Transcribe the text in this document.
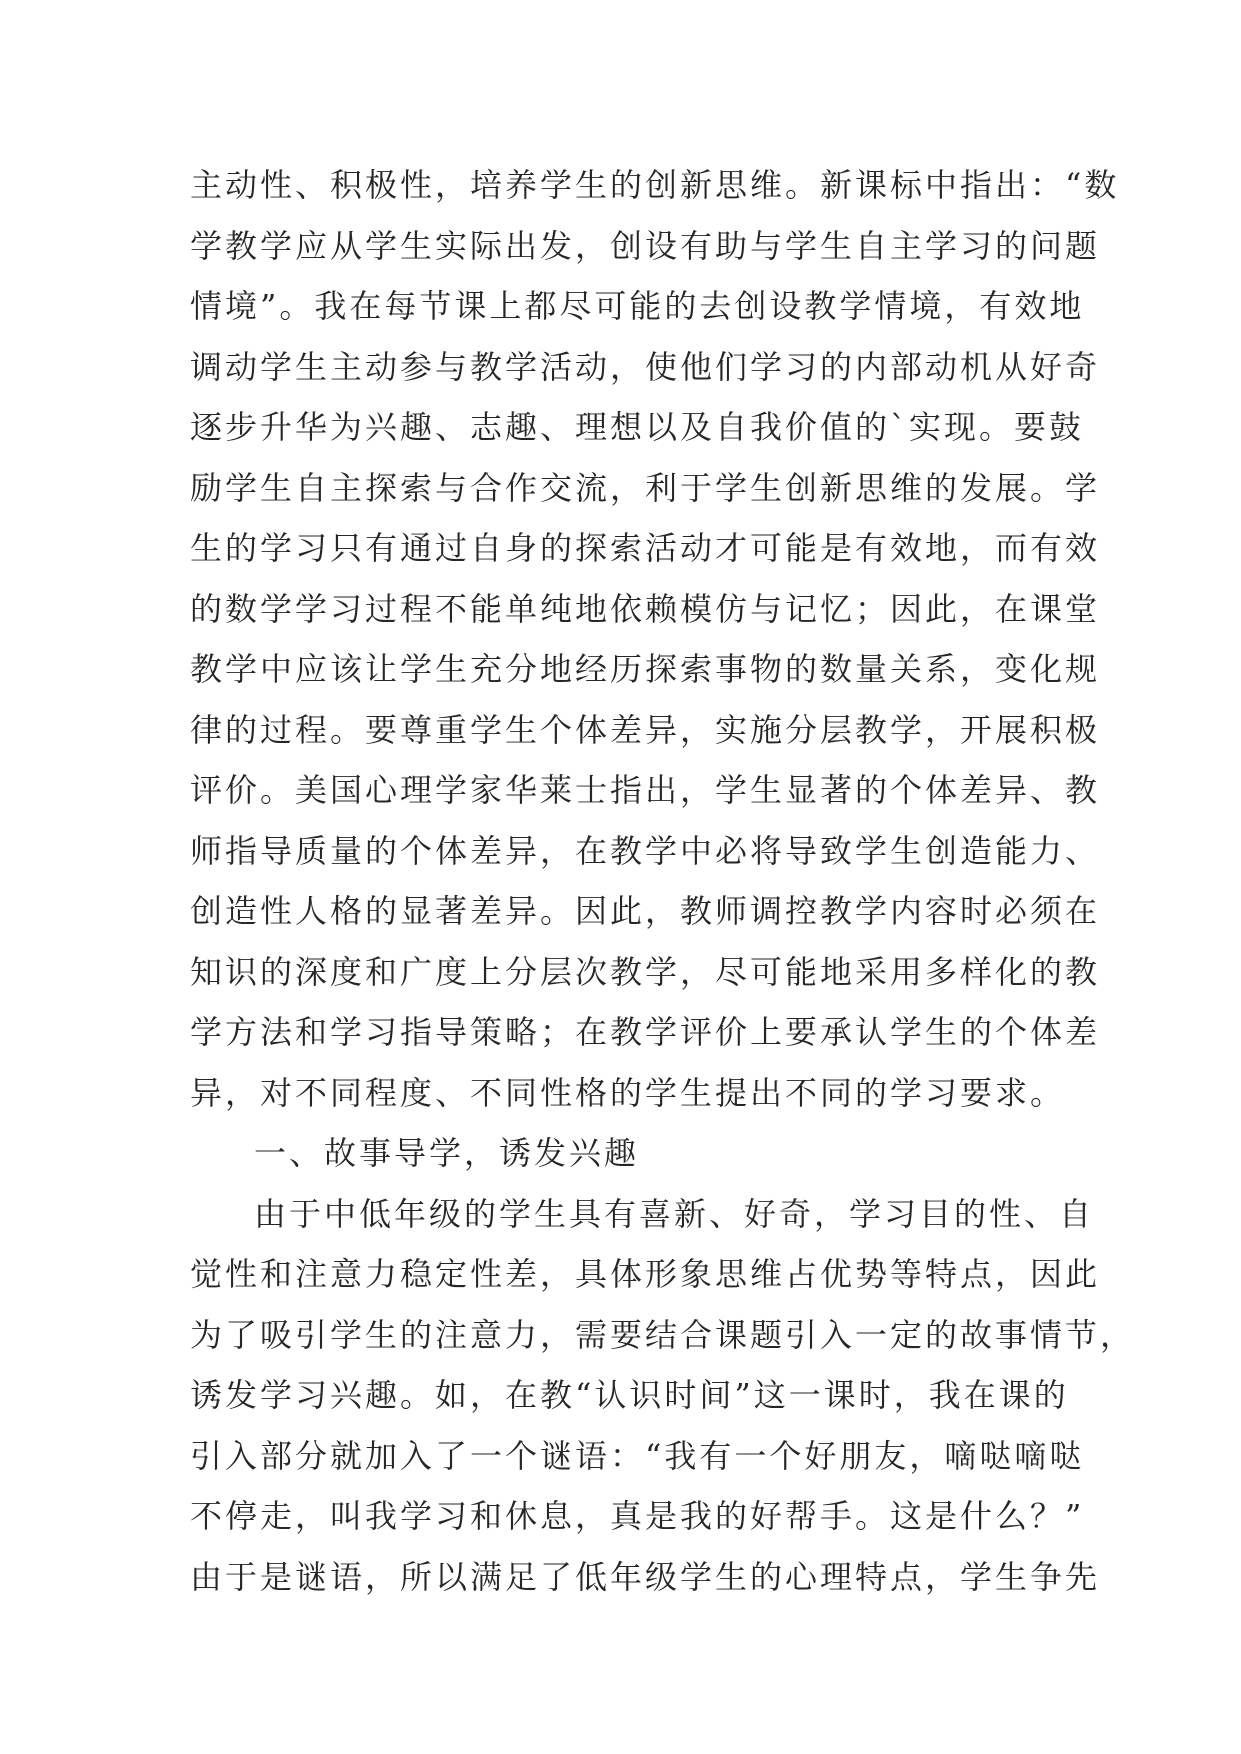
主动性、积极性，培养学生的创新思维。新课标中指出：“数
学教学应从学生实际出发，创设有助与学生自主学习的问题
情境”。我在每节课上都尽可能的去创设教学情境，有效地
调动学生主动参与教学活动，使他们学习的内部动机从好奇
逐步升华为兴趣、志趣、理想以及自我价值的`实现。要鼓
励学生自主探索与合作交流，利于学生创新思维的发展。学
生的学习只有通过自身的探索活动才可能是有效地，而有效
的数学学习过程不能单纯地依赖模仿与记忆；因此，在课堂
教学中应该让学生充分地经历探索事物的数量关系，变化规
律的过程。要尊重学生个体差异，实施分层教学，开展积极
评价。美国心理学家华莱士指出，学生显著的个体差异、教
师指导质量的个体差异，在教学中必将导致学生创造能力、
创造性人格的显著差异。因此，教师调控教学内容时必须在
知识的深度和广度上分层次教学，尽可能地采用多样化的教
学方法和学习指导策略；在教学评价上要承认学生的个体差
异，对不同程度、不同性格的学生提出不同的学习要求。
一、故事导学，诱发兴趣
由于中低年级的学生具有喜新、好奇，学习目的性、自
觉性和注意力稳定性差，具体形象思维占优势等特点，因此
为了吸引学生的注意力，需要结合课题引入一定的故事情节，
诱发学习兴趣。如，在教“认识时间”这一课时，我在课的
引入部分就加入了一个谜语：“我有一个好朋友，嘀哒嘀哒
不停走，叫我学习和休息，真是我的好帮手。这是什么？”
由于是谜语，所以满足了低年级学生的心理特点，学生争先
